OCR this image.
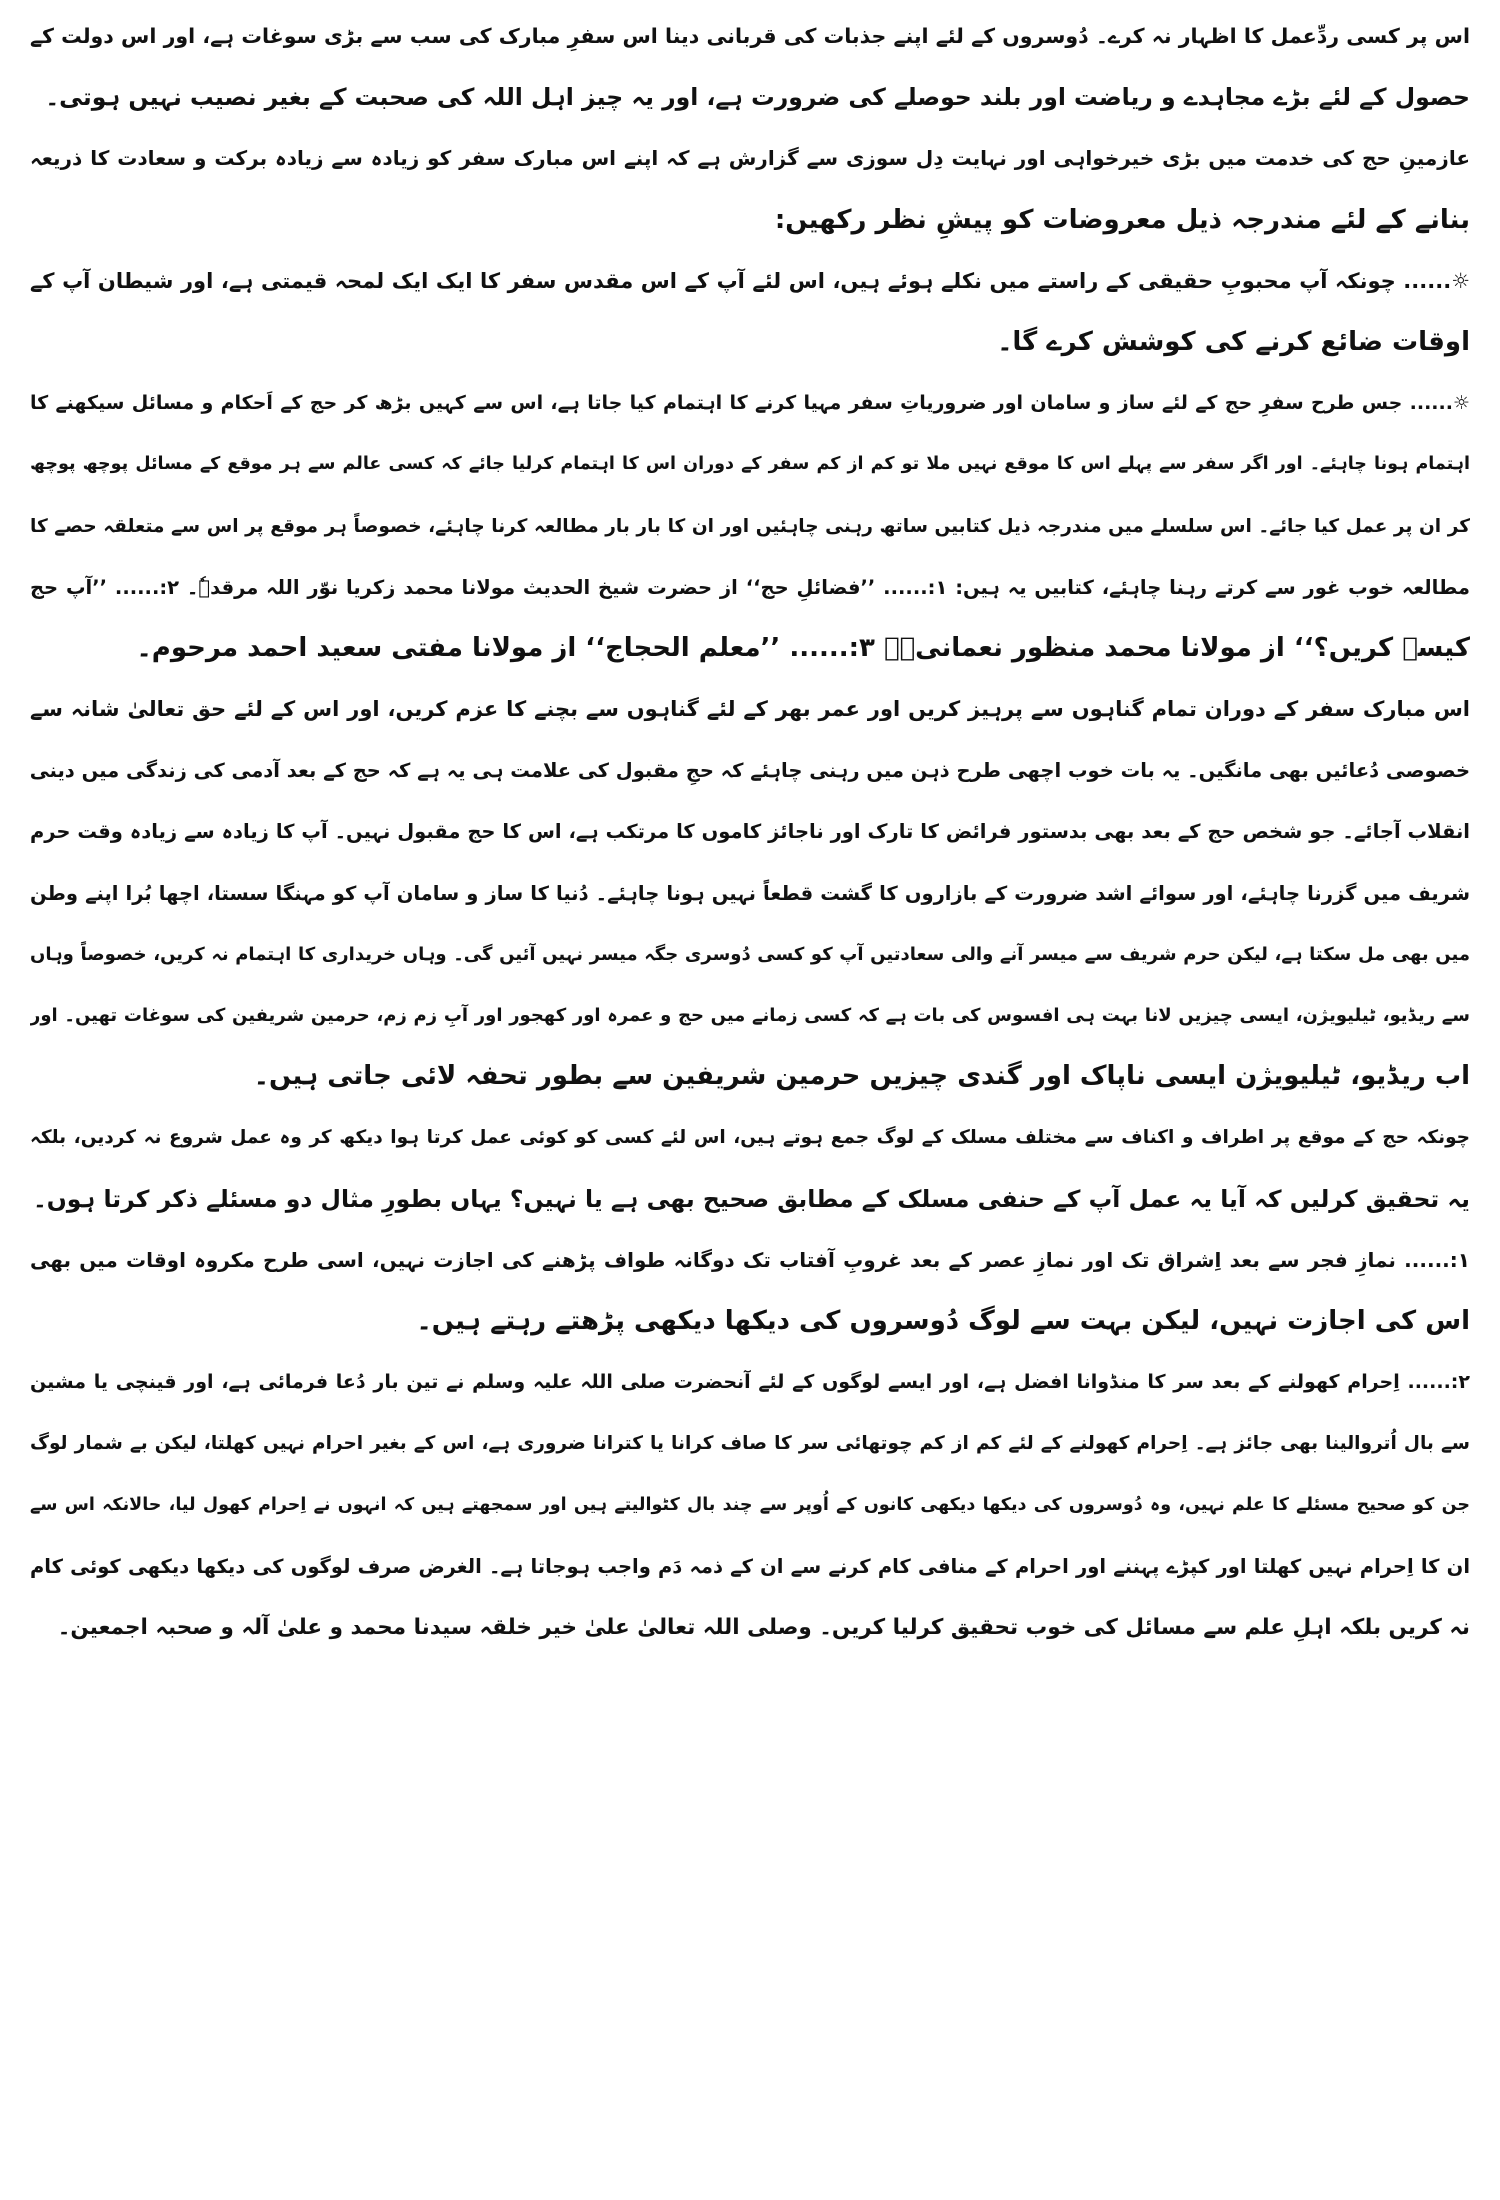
اس پر کسی ردِّعمل کا اظہار نہ کرے۔ دُوسروں کے لئے اپنے جذبات کی قربانی دینا اس سفرِ مبارک کی سب سے بڑی سوغات ہے، اور اس دولت کے
حصول کے لئے بڑے مجاہدے و ریاضت اور بلند حوصلے کی ضرورت ہے، اور یہ چیز اہل اللہ کی صحبت کے بغیر نصیب نہیں ہوتی۔
عازمینِ حج کی خدمت میں بڑی خیرخواہی اور نہایت دِل سوزی سے گزارش ہے کہ اپنے اس مبارک سفر کو زیادہ سے زیادہ برکت و سعادت کا ذریعہ
بنانے کے لئے مندرجہ ذیل معروضات کو پیشِ نظر رکھیں:
☼...... چونکہ آپ محبوبِ حقیقی کے راستے میں نکلے ہوئے ہیں، اس لئے آپ کے اس مقدس سفر کا ایک ایک لمحہ قیمتی ہے، اور شیطان آپ کے
اوقات ضائع کرنے کی کوشش کرے گا۔
☼...... جس طرح سفرِ حج کے لئے ساز و سامان اور ضروریاتِ سفر مہیا کرنے کا اہتمام کیا جاتا ہے، اس سے کہیں بڑھ کر حج کے اَحکام و مسائل سیکھنے کا
اہتمام ہونا چاہئے۔ اور اگر سفر سے پہلے اس کا موقع نہیں ملا تو کم از کم سفر کے دوران اس کا اہتمام کرلیا جائے کہ کسی عالم سے ہر موقع کے مسائل پوچھ پوچھ
کر ان پر عمل کیا جائے۔ اس سلسلے میں مندرجہ ذیل کتابیں ساتھ رہنی چاہئیں اور ان کا بار بار مطالعہ کرنا چاہئے، خصوصاً ہر موقع پر اس سے متعلقہ حصے کا
مطالعہ خوب غور سے کرتے رہنا چاہئے، کتابیں یہ ہیں: ۱:...... ’’فضائلِ حج‘‘ از حضرت شیخ الحدیث مولانا محمد زکریا نوّر اللہ مرقدہٗ۔ ۲:...... ’’آپ حج
کیسے کریں؟‘‘ از مولانا محمد منظور نعمانیؒ۔ ۳:...... ’’معلم الحجاج‘‘ از مولانا مفتی سعید احمد مرحوم۔
اس مبارک سفر کے دوران تمام گناہوں سے پرہیز کریں اور عمر بھر کے لئے گناہوں سے بچنے کا عزم کریں، اور اس کے لئے حق تعالیٰ شانہ سے
خصوصی دُعائیں بھی مانگیں۔ یہ بات خوب اچھی طرح ذہن میں رہنی چاہئے کہ حجِ مقبول کی علامت ہی یہ ہے کہ حج کے بعد آدمی کی زندگی میں دینی
انقلاب آجائے۔ جو شخص حج کے بعد بھی بدستور فرائض کا تارک اور ناجائز کاموں کا مرتکب ہے، اس کا حج مقبول نہیں۔ آپ کا زیادہ سے زیادہ وقت حرم
شریف میں گزرنا چاہئے، اور سوائے اشد ضرورت کے بازاروں کا گشت قطعاً نہیں ہونا چاہئے۔ دُنیا کا ساز و سامان آپ کو مہنگا سستا، اچھا بُرا اپنے وطن
میں بھی مل سکتا ہے، لیکن حرم شریف سے میسر آنے والی سعادتیں آپ کو کسی دُوسری جگہ میسر نہیں آئیں گی۔ وہاں خریداری کا اہتمام نہ کریں، خصوصاً وہاں
سے ریڈیو، ٹیلیویژن، ایسی چیزیں لانا بہت ہی افسوس کی بات ہے کہ کسی زمانے میں حج و عمرہ اور کھجور اور آبِ زم زم، حرمین شریفین کی سوغات تھیں۔ اور
اب ریڈیو، ٹیلیویژن ایسی ناپاک اور گندی چیزیں حرمین شریفین سے بطور تحفہ لائی جاتی ہیں۔
چونکہ حج کے موقع پر اطراف و اکناف سے مختلف مسلک کے لوگ جمع ہوتے ہیں، اس لئے کسی کو کوئی عمل کرتا ہوا دیکھ کر وہ عمل شروع نہ کردیں، بلکہ
یہ تحقیق کرلیں کہ آیا یہ عمل آپ کے حنفی مسلک کے مطابق صحیح بھی ہے یا نہیں؟ یہاں بطورِ مثال دو مسئلے ذکر کرتا ہوں۔
۱:...... نمازِ فجر سے بعد اِشراق تک اور نمازِ عصر کے بعد غروبِ آفتاب تک دوگانہ طواف پڑھنے کی اجازت نہیں، اسی طرح مکروہ اوقات میں بھی
اس کی اجازت نہیں، لیکن بہت سے لوگ دُوسروں کی دیکھا دیکھی پڑھتے رہتے ہیں۔
۲:...... اِحرام کھولنے کے بعد سر کا منڈوانا افضل ہے، اور ایسے لوگوں کے لئے آنحضرت صلی اللہ علیہ وسلم نے تین بار دُعا فرمائی ہے، اور قینچی یا مشین
سے بال اُتروالینا بھی جائز ہے۔ اِحرام کھولنے کے لئے کم از کم چوتھائی سر کا صاف کرانا یا کترانا ضروری ہے، اس کے بغیر احرام نہیں کھلتا، لیکن بے شمار لوگ
جن کو صحیح مسئلے کا علم نہیں، وہ دُوسروں کی دیکھا دیکھی کانوں کے اُوپر سے چند بال کٹوالیتے ہیں اور سمجھتے ہیں کہ انہوں نے اِحرام کھول لیا، حالانکہ اس سے
ان کا اِحرام نہیں کھلتا اور کپڑے پہننے اور احرام کے منافی کام کرنے سے ان کے ذمہ دَم واجب ہوجاتا ہے۔ الغرض صرف لوگوں کی دیکھا دیکھی کوئی کام
نہ کریں بلکہ اہلِ علم سے مسائل کی خوب تحقیق کرلیا کریں۔ وصلی اللہ تعالیٰ علیٰ خیر خلقہ سیدنا محمد و علیٰ آلہ و صحبہ اجمعین۔
